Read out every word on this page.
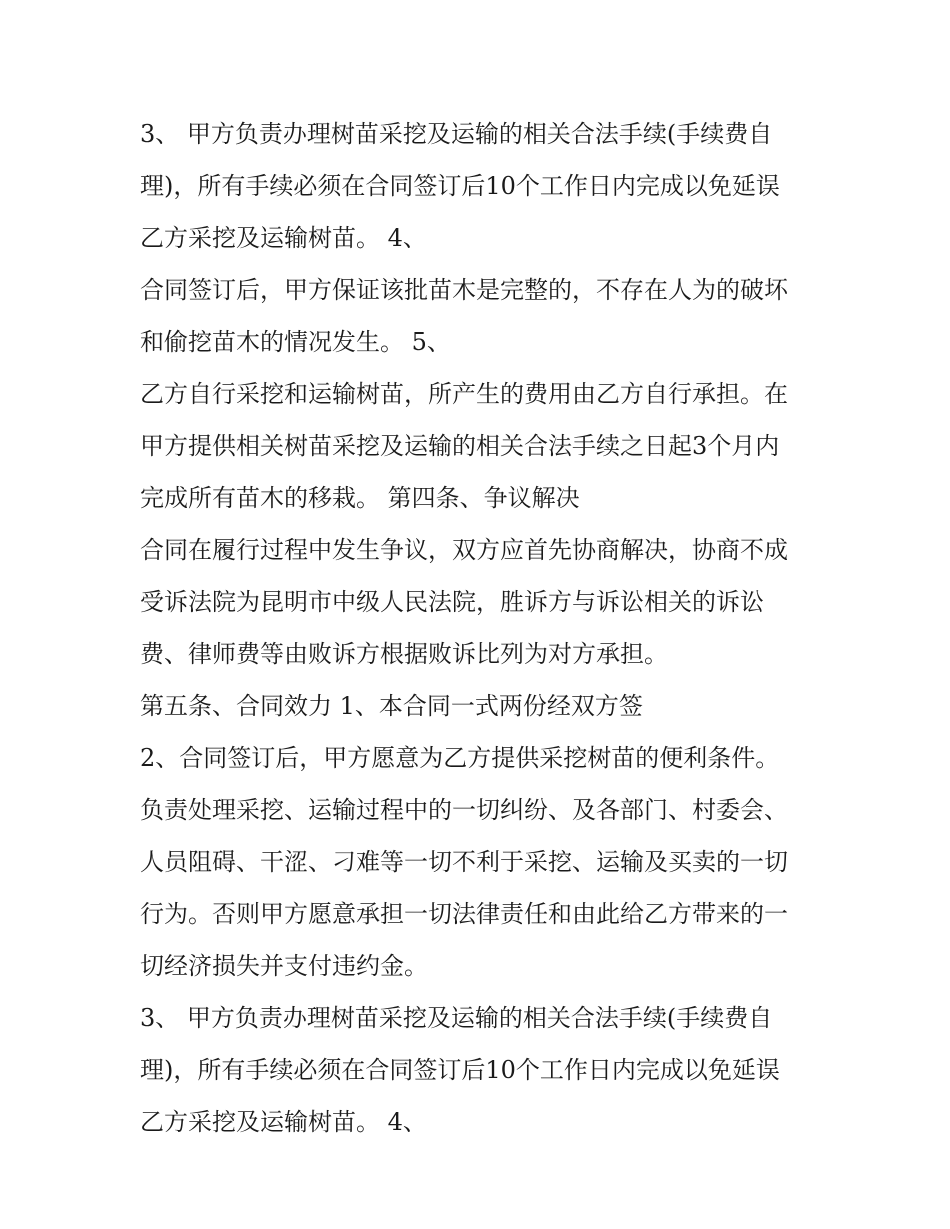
3、 甲方负责办理树苗采挖及运输的相关合法手续(手续费自
理)，所有手续必须在合同签订后10个工作日内完成以免延误
乙方采挖及运输树苗。 4、
合同签订后，甲方保证该批苗木是完整的，不存在人为的破坏
和偷挖苗木的情况发生。 5、
乙方自行采挖和运输树苗，所产生的费用由乙方自行承担。在
甲方提供相关树苗采挖及运输的相关合法手续之日起3个月内
完成所有苗木的移栽。 第四条、争议解决
合同在履行过程中发生争议，双方应首先协商解决，协商不成
受诉法院为昆明市中级人民法院，胜诉方与诉讼相关的诉讼
费、律师费等由败诉方根据败诉比列为对方承担。
第五条、合同效力 1、本合同一式两份经双方签
2、合同签订后，甲方愿意为乙方提供采挖树苗的便利条件。
负责处理采挖、运输过程中的一切纠纷、及各部门、村委会、
人员阻碍、干涩、刁难等一切不利于采挖、运输及买卖的一切
行为。否则甲方愿意承担一切法律责任和由此给乙方带来的一
切经济损失并支付违约金。
3、 甲方负责办理树苗采挖及运输的相关合法手续(手续费自
理)，所有手续必须在合同签订后10个工作日内完成以免延误
乙方采挖及运输树苗。 4、
